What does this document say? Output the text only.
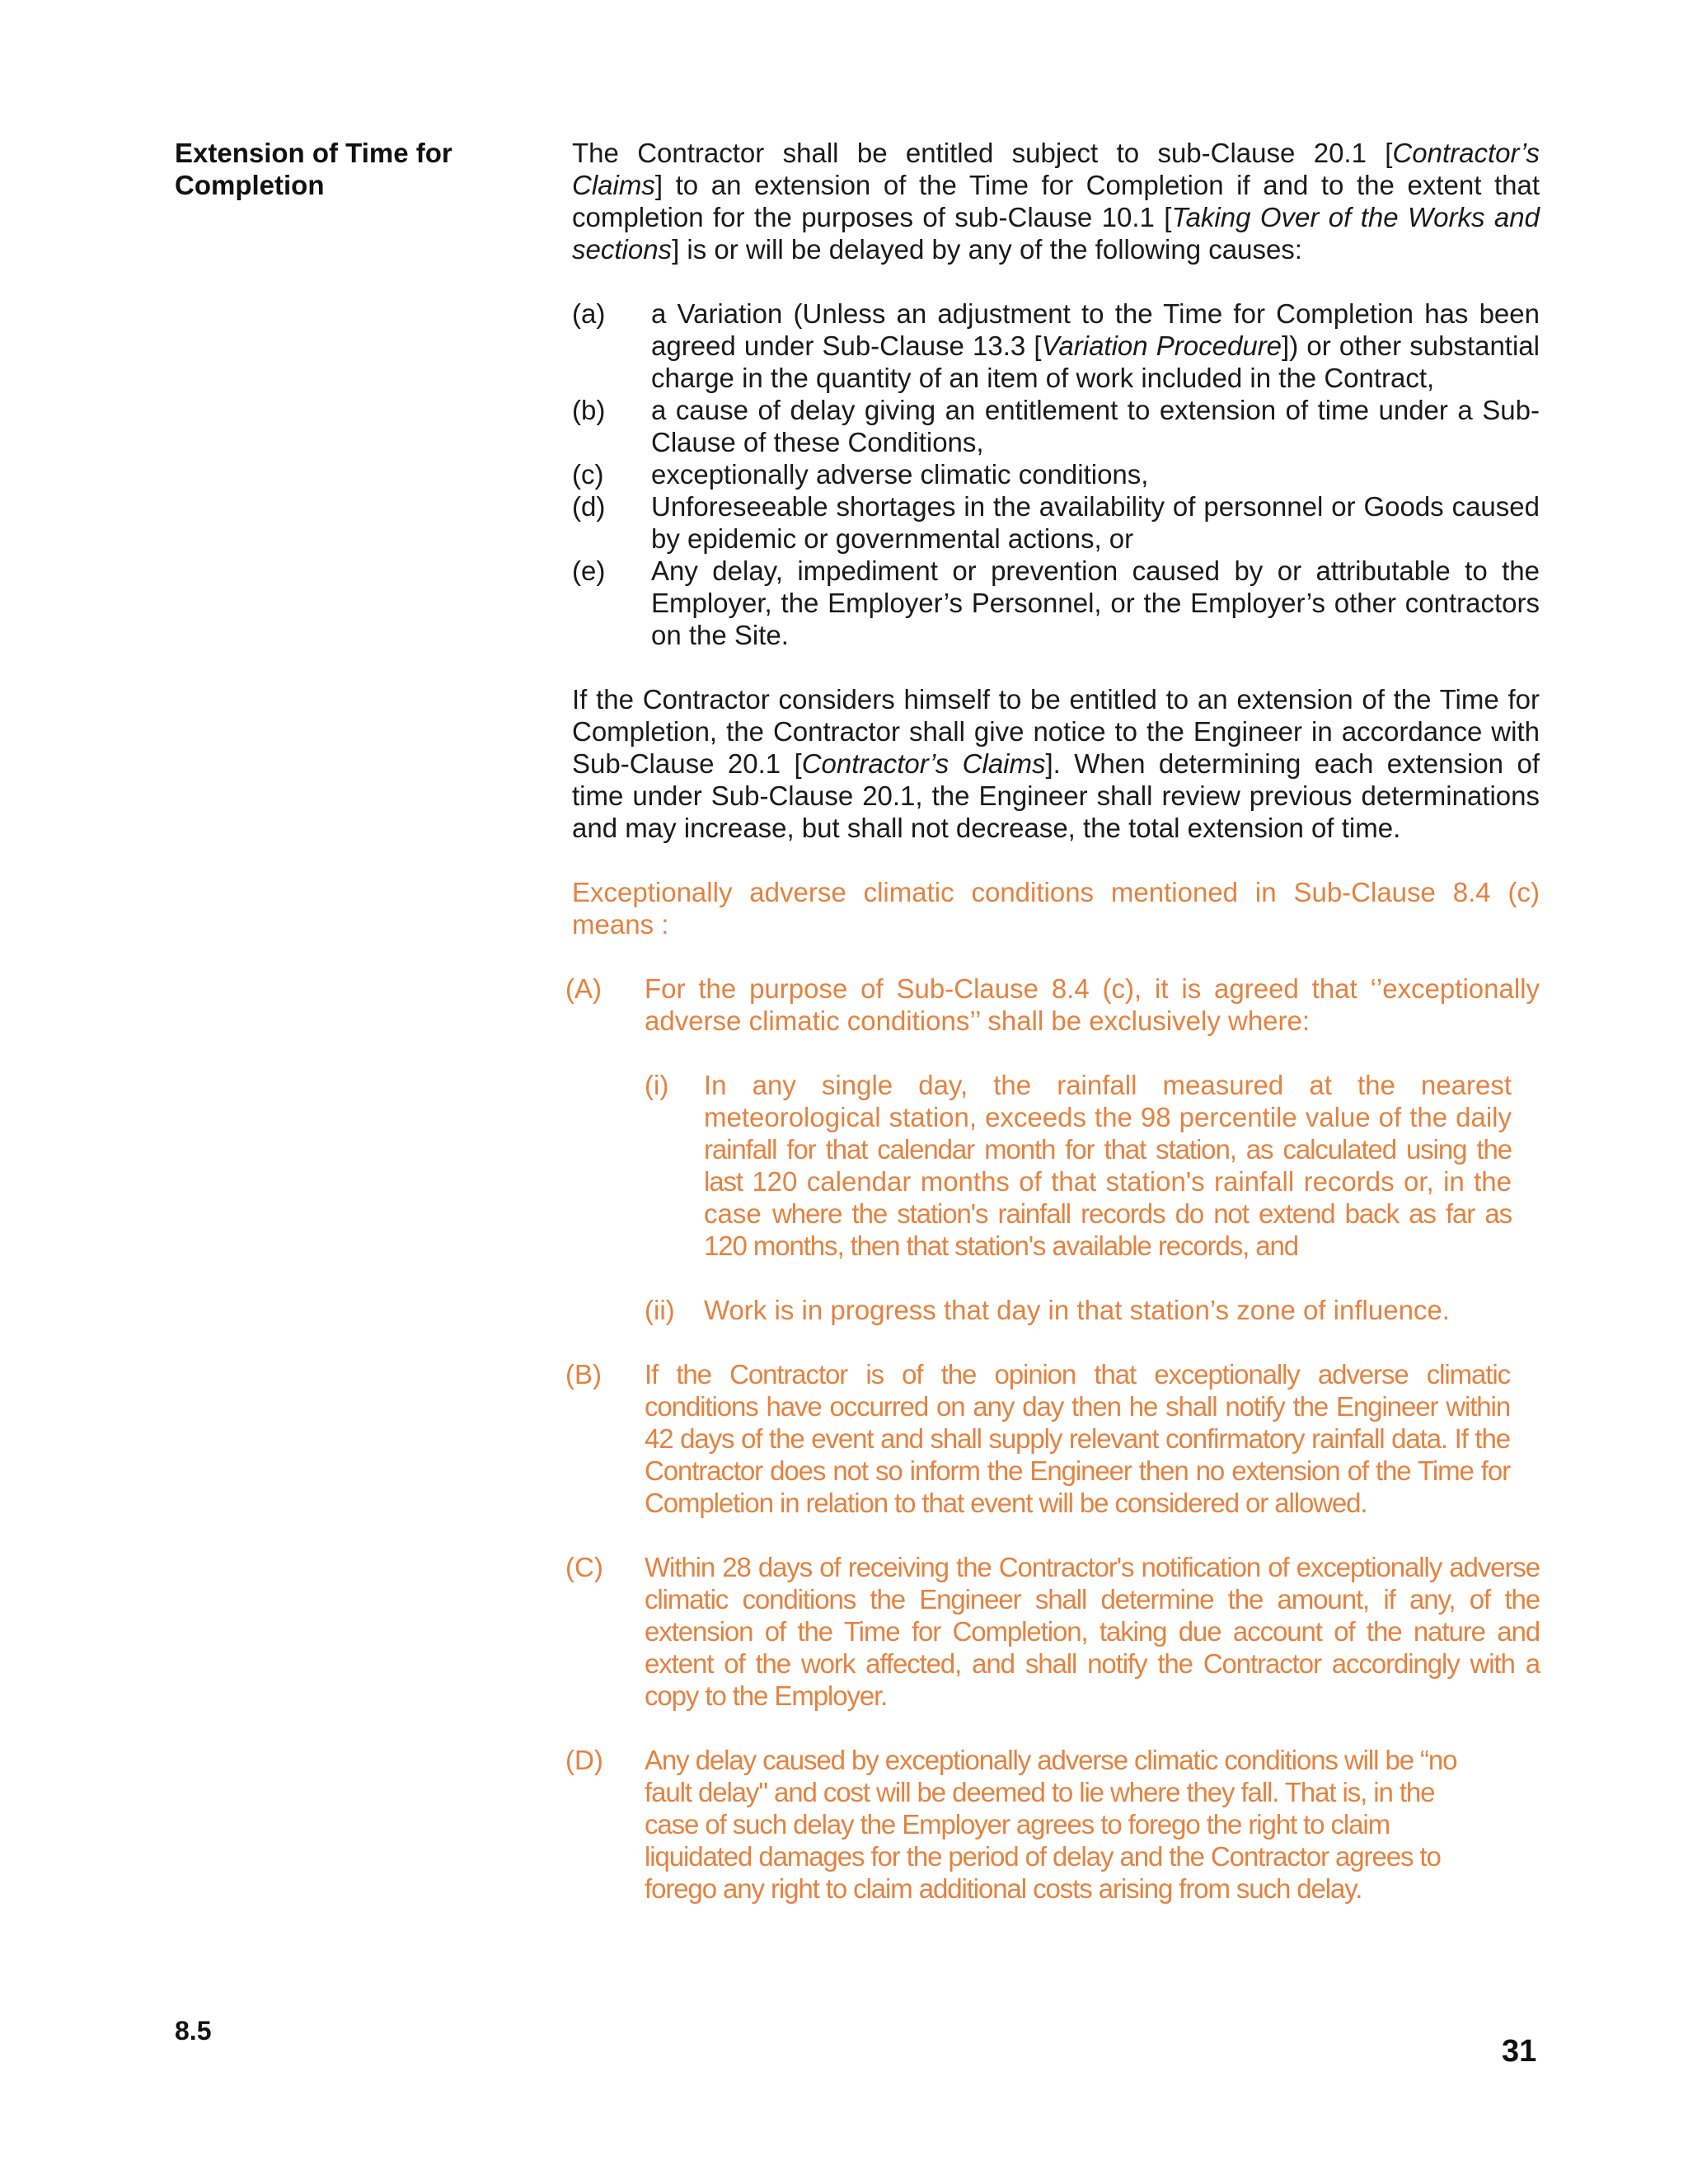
Extension of Time for
Completion

The Contractor shall be entitled subject to sub-Clause 20.1 [Contractor’s Claims] to an extension of the Time for Completion if and to the extent that completion for the purposes of sub-Clause 10.1 [Taking Over of the Works and sections] is or will be delayed by any of the following causes:

(a)	a Variation (Unless an adjustment to the Time for Completion has been agreed under Sub-Clause 13.3 [Variation Procedure]) or other substantial charge in the quantity of an item of work included in the Contract,
(b)	a cause of delay giving an entitlement to extension of time under a Sub-Clause of these Conditions,
(c)	exceptionally adverse climatic conditions,
(d)	Unforeseeable shortages in the availability of personnel or Goods caused by epidemic or governmental actions, or
(e)	Any delay, impediment or prevention caused by or attributable to the Employer, the Employer’s Personnel, or the Employer’s other contractors on the Site.

If the Contractor considers himself to be entitled to an extension of the Time for Completion, the Contractor shall give notice to the Engineer in accordance with Sub-Clause 20.1 [Contractor’s Claims]. When determining each extension of time under Sub-Clause 20.1, the Engineer shall review previous determinations and may increase, but shall not decrease, the total extension of time.

Exceptionally adverse climatic conditions mentioned in Sub-Clause 8.4 (c) means :

(A)	For the purpose of Sub-Clause 8.4 (c), it is agreed that ‘’exceptionally adverse climatic conditions’’ shall be exclusively where:
(i)	In any single day, the rainfall measured at the nearest meteorological station, exceeds the 98 percentile value of the daily rainfall for that calendar month for that station, as calculated using the last 120 calendar months of that station's rainfall records or, in the case where the station's rainfall records do not extend back as far as 120 months, then that station's available records, and
(ii)	Work is in progress that day in that station’s zone of influence.
(B)	If the Contractor is of the opinion that exceptionally adverse climatic conditions have occurred on any day then he shall notify the Engineer within 42 days of the event and shall supply relevant confirmatory rainfall data. If the Contractor does not so inform the Engineer then no extension of the Time for Completion in relation to that event will be considered or allowed.
(C)	Within 28 days of receiving the Contractor's notification of exceptionally adverse climatic conditions the Engineer shall determine the amount, if any, of the extension of the Time for Completion, taking due account of the nature and extent of the work affected, and shall notify the Contractor accordingly with a copy to the Employer.
(D)	Any delay caused by exceptionally adverse climatic conditions will be “no fault delay" and cost will be deemed to lie where they fall. That is, in the case of such delay the Employer agrees to forego the right to claim liquidated damages for the period of delay and the Contractor agrees to forego any right to claim additional costs arising from such delay.
8.5
31
